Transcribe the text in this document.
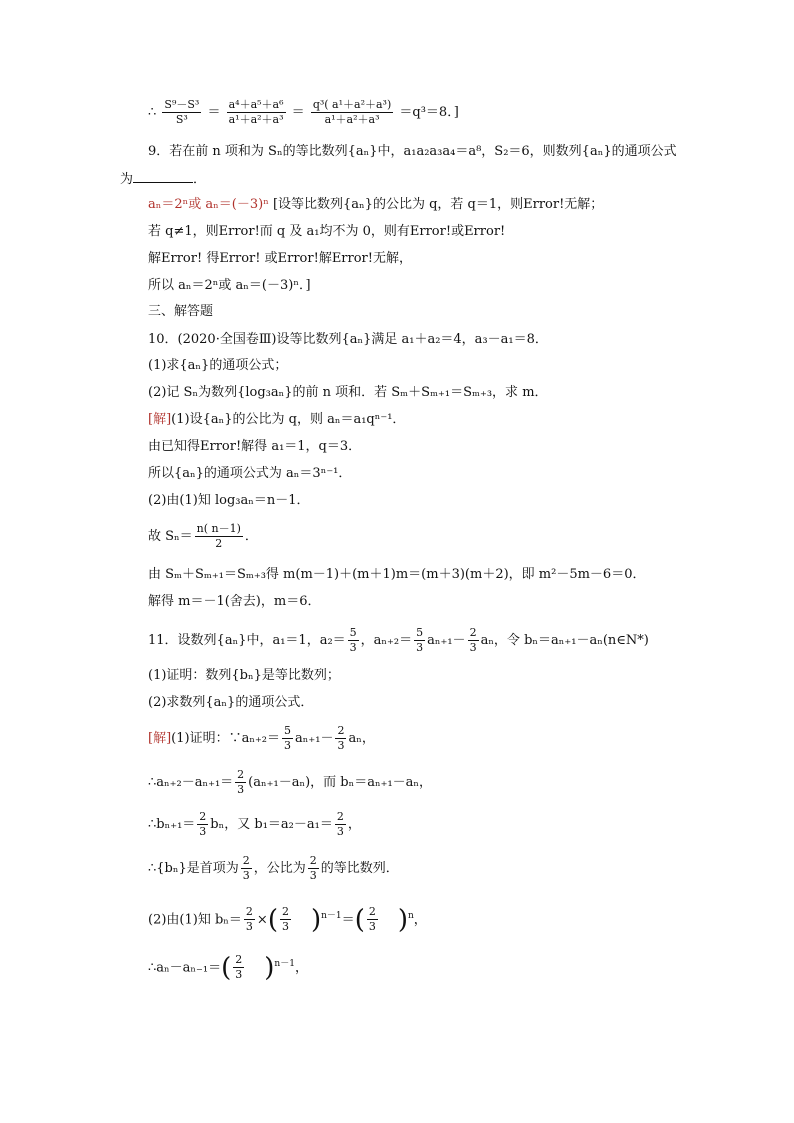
∴ $\frac{\text{S⁹－S³}}{\text{S³}} = \frac{\text{a⁴＋a⁵＋a⁶}}{\text{a¹＋a²＋a³}} = \frac{\text{q³( a¹＋a²＋a³)}}{\text{a¹＋a²＋a³}} =q^3=8$．]
9．若在前 n 项和为 Sₙ的等比数列{aₙ}中，a₁a₂a₃a₄＝a⁸，S₂＝6，则数列{aₙ}的通项公式
为	．
aₙ＝2ⁿ或 aₙ＝(－3)ⁿ [设等比数列{aₙ}的公比为 q，若 q＝1，则Error!无解；
若 q≠1，则Error!而 q 及 a₁均不为 0，则有Error!或Error!
解Error! 得Error! 或Error!解Error!无解，
所以 aₙ＝2ⁿ或 aₙ＝(－3)ⁿ．]
三、解答题
10．(2020·全国卷Ⅲ)设等比数列{aₙ}满足 a₁＋a₂＝4，a₃－a₁＝8．
(1)求{aₙ}的通项公式；
(2)记 Sₙ为数列{log₃aₙ}的前 n 项和．若 Sₘ＋Sₘ₊₁＝Sₘ₊₃，求 m．
[解](1)设{aₙ}的公比为 q，则 aₙ＝a₁qⁿ⁻¹．
由已知得Error!解得 a₁＝1，q＝3．
所以{aₙ}的通项公式为 aₙ＝3ⁿ⁻¹．
(2)由(1)知 log₃aₙ＝n－1．
故 $S_n= \frac{n( n-1)}{2}$ ．
由 Sₘ＋Sₘ₊₁＝Sₘ₊₃得 m(m－1)＋(m＋1)m＝(m＋3)(m＋2)，即 m²－5m－6＝0．
解得 m＝－1(舍去)，m＝6．
11．设数列{aₙ}中，a₁＝1，$a_2= \frac{5}{3}$ ，$a_{n+2}= \frac{5}{3} a_{n+1}- \frac{2}{3}$ aₙ，令 bₙ＝aₙ₊₁－aₙ(n∈N*)
(1)证明：数列{bₙ}是等比数列；
(2)求数列{aₙ}的通项公式．
[解](1)证明：∵aₙ₊₂＝ $\frac{5}{3} a_{n+1}- \frac{2}{3}$ aₙ，
∴aₙ₊₂－aₙ₊₁＝ $\frac{2}{3} (a_{n+1}-a_n)$，而 bₙ＝aₙ₊₁－aₙ，
∴bₙ₊₁＝ $\frac{2}{3}$ bₙ，又 $b_1=a_2-a_1= \frac{2}{3}$ ，
∴{bₙ}是首项为 $\frac{2}{3}$ ，公比为 $\frac{2}{3}$ 的等比数列．
(2)由(1)知 $b_n= \frac{2}{3}$ ×( $\frac{2}{3} )^{n-1}=( \frac{2}{3} )^n$，
∴aₙ－aₙ₋₁＝( $\frac{2}{3} )^{n-1}$，
